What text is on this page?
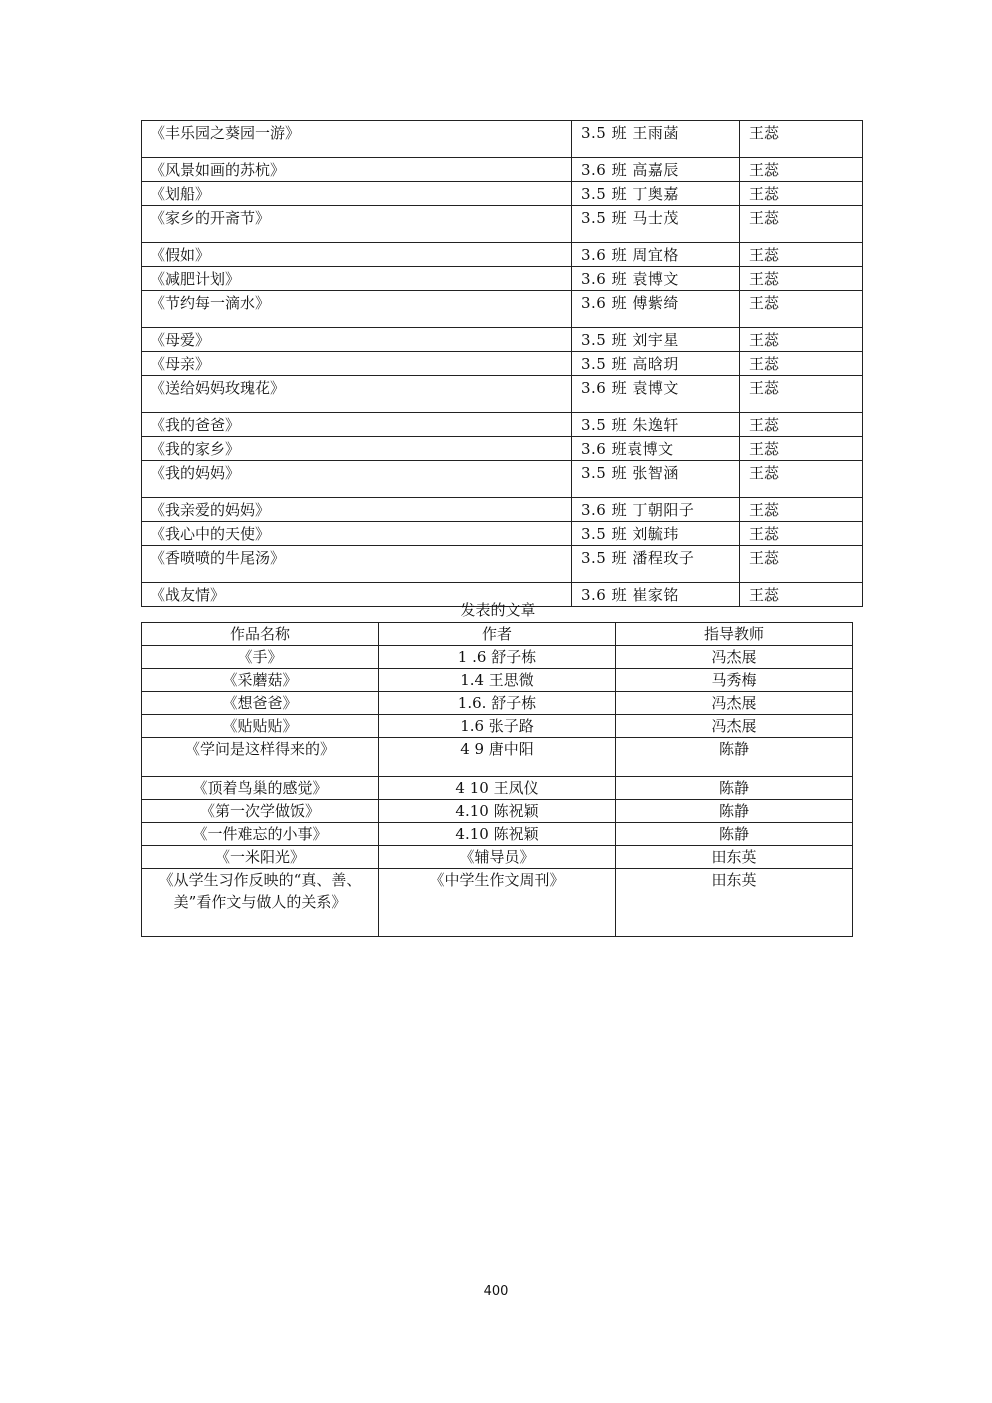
《丰乐园之葵园一游》	3.5 班 王雨菡	王蕊
《风景如画的苏杭》	3.6 班 高嘉辰	王蕊
《划船》	3.5 班 丁奥嘉	王蕊
《家乡的开斋节》	3.5 班 马士茂	王蕊
《假如》	3.6 班 周宜格	王蕊
《减肥计划》	3.6 班 袁博文	王蕊
《节约每一滴水》	3.6 班 傅紫绮	王蕊
《母爱》	3.5 班 刘宇星	王蕊
《母亲》	3.5 班 高晗玥	王蕊
《送给妈妈玫瑰花》	3.6 班 袁博文	王蕊
《我的爸爸》	3.5 班 朱逸轩	王蕊
《我的家乡》	3.6 班袁博文	王蕊
《我的妈妈》	3.5 班 张智涵	王蕊
《我亲爱的妈妈》	3.6 班 丁朝阳子	王蕊
《我心中的天使》	3.5 班 刘毓玮	王蕊
《香喷喷的牛尾汤》	3.5 班 潘程玫子	王蕊
《战友情》	3.6 班 崔家铭	王蕊
发表的文章
作品名称	作者	指导教师
《手》	1 .6 舒子栋	冯杰展
《采蘑菇》	1.4 王思微	马秀梅
《想爸爸》	1.6. 舒子栋	冯杰展
《贴贴贴》	1.6 张子路	冯杰展
《学问是这样得来的》	4 9 唐中阳	陈静
《顶着鸟巢的感觉》	4 10 王凤仪	陈静
《第一次学做饭》	4.10 陈祝颖	陈静
《一件难忘的小事》	4.10 陈祝颖	陈静
《一米阳光》	《辅导员》	田东英
《从学生习作反映的“真、善、美”看作文与做人的关系》	《中学生作文周刊》	田东英
400
